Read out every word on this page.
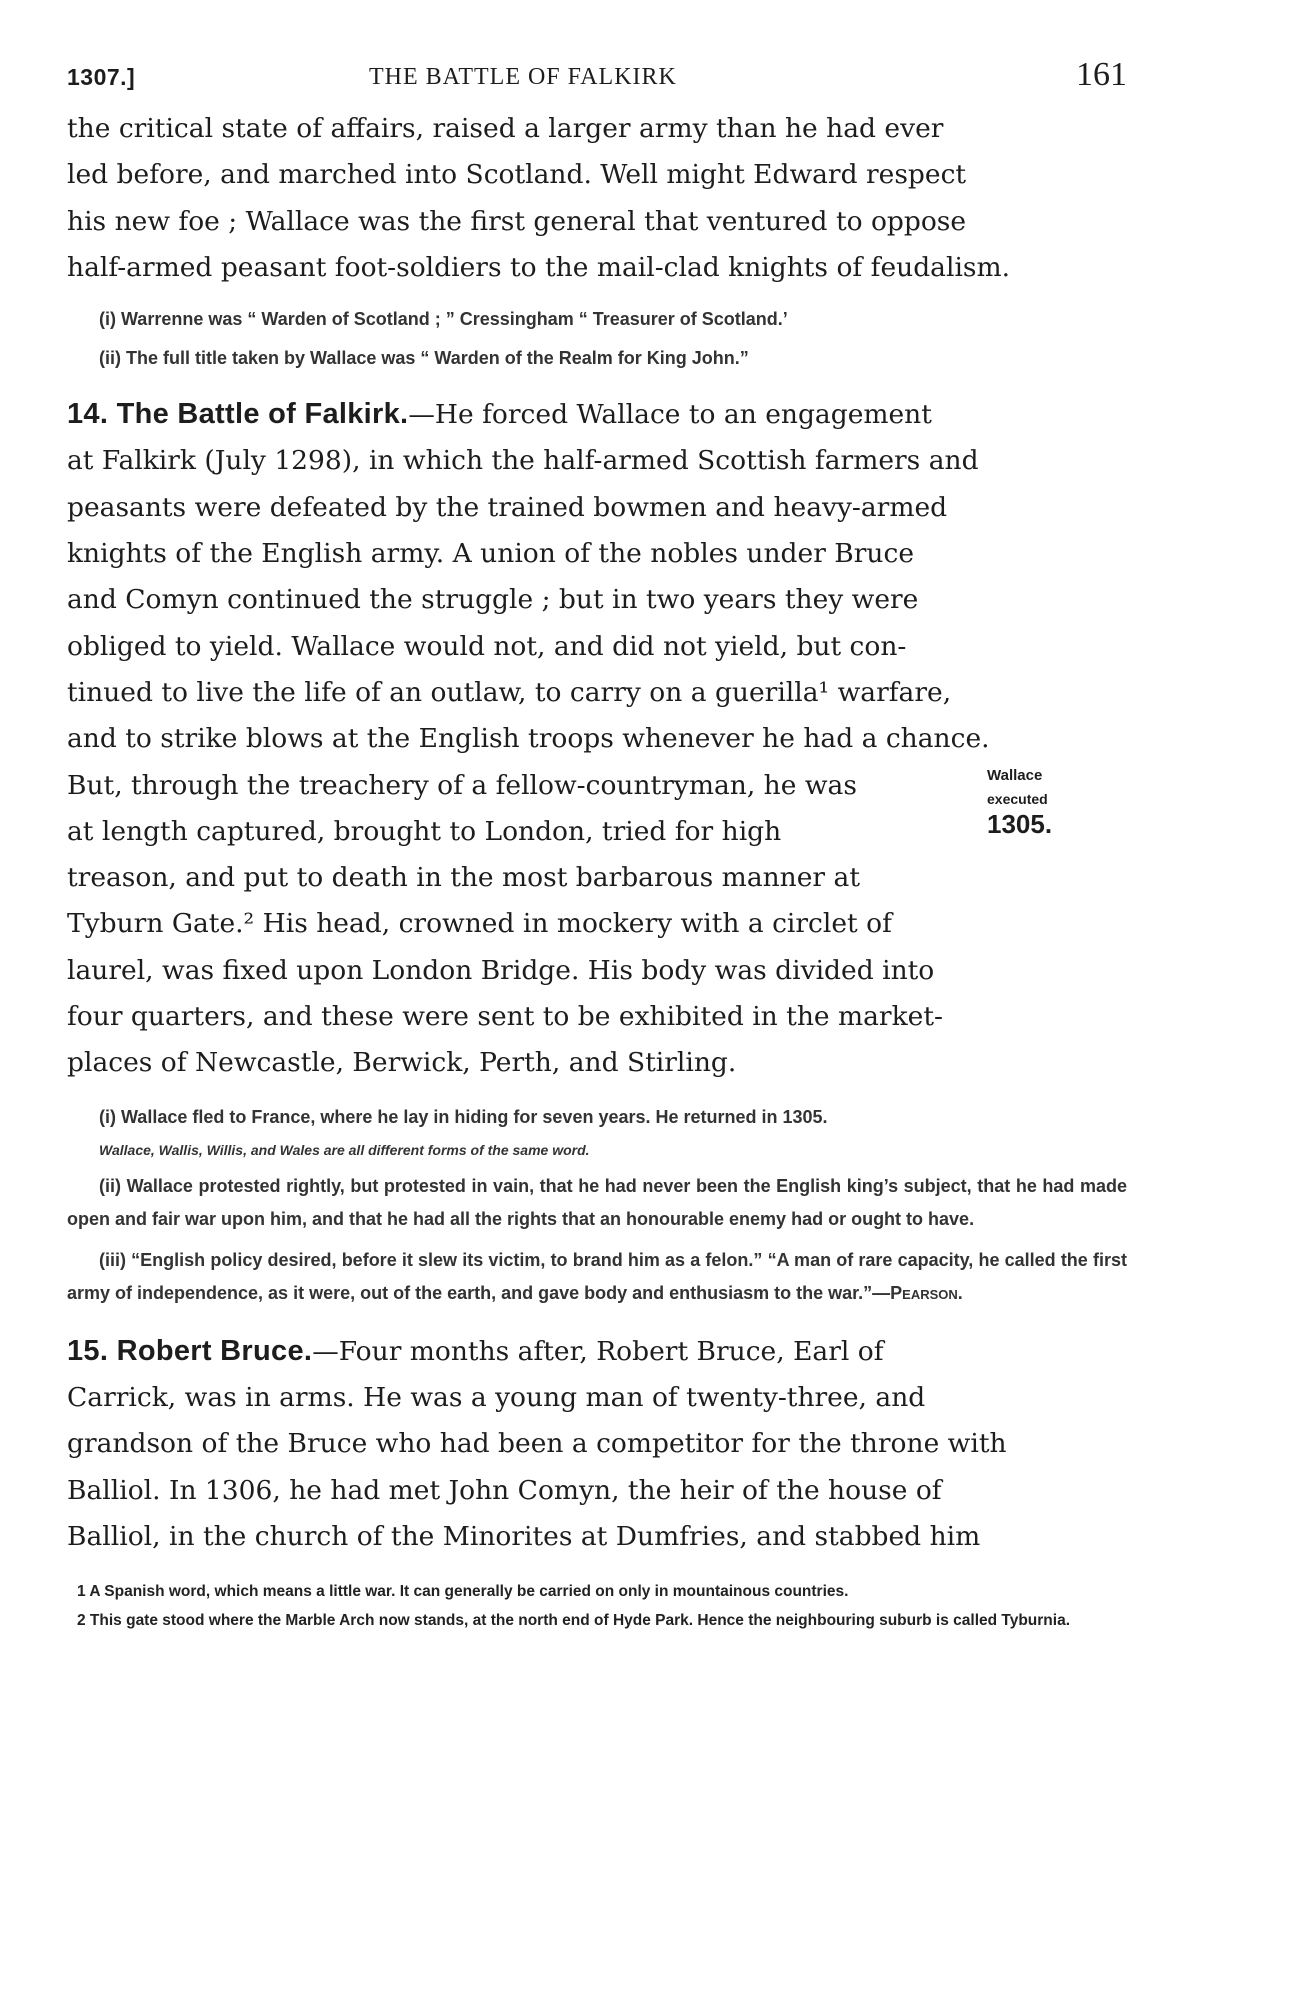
1307.]	THE BATTLE OF FALKIRK	161
the critical state of affairs, raised a larger army than he had ever
led before, and marched into Scotland. Well might Edward respect
his new foe ; Wallace was the first general that ventured to oppose
half-armed peasant foot-soldiers to the mail-clad knights of feudalism.

(i) Warrenne was “ Warden of Scotland ; ” Cressingham “ Treasurer of Scotland.’

(ii) The full title taken by Wallace was “ Warden of the Realm for King John.”

14. The Battle of Falkirk.—He forced Wallace to an engagement
at Falkirk (July 1298), in which the half-armed Scottish farmers and
peasants were defeated by the trained bowmen and heavy-armed
knights of the English army. A union of the nobles under Bruce
and Comyn continued the struggle ; but in two years they were
obliged to yield. Wallace would not, and did not yield, but con-
tinued to live the life of an outlaw, to carry on a guerilla¹ warfare,
and to strike blows at the English troops whenever he had a chance.
But, through the treachery of a fellow-countryman, he was
at length captured, brought to London, tried for high
treason, and put to death in the most barbarous manner at
Tyburn Gate.² His head, crowned in mockery with a circlet of
laurel, was fixed upon London Bridge. His body was divided into
four quarters, and these were sent to be exhibited in the market-
places of Newcastle, Berwick, Perth, and Stirling.
Wallace
executed
1305.

(i) Wallace fled to France, where he lay in hiding for seven years. He returned in 1305.

Wallace, Wallis, Willis, and Wales are all different forms of the same word.

(ii) Wallace protested rightly, but protested in vain, that he had never been the English king’s subject, that he had made open and fair war upon him, and that he had all the rights that an honourable enemy had or ought to have.

(iii) “English policy desired, before it slew its victim, to brand him as a felon.” “A man of rare capacity, he called the first army of independence, as it were, out of the earth, and gave body and enthusiasm to the war.”—Pearson.

15. Robert Bruce.—Four months after, Robert Bruce, Earl of
Carrick, was in arms. He was a young man of twenty-three, and
grandson of the Bruce who had been a competitor for the throne with
Balliol. In 1306, he had met John Comyn, the heir of the house of
Balliol, in the church of the Minorites at Dumfries, and stabbed him

1 A Spanish word, which means a little war. It can generally be carried on only in mountainous countries.

2 This gate stood where the Marble Arch now stands, at the north end of Hyde Park. Hence the neighbouring suburb is called Tyburnia.
